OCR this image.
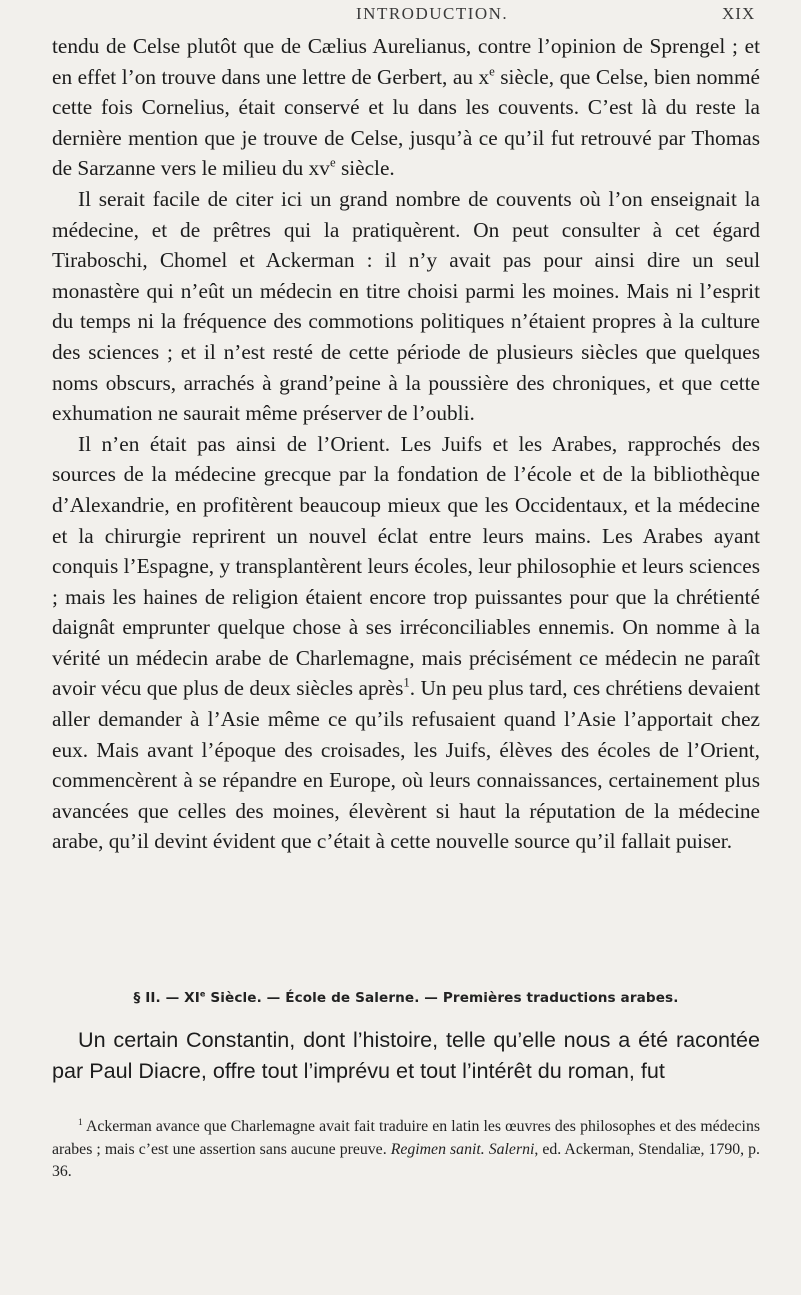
INTRODUCTION.	XIX

tendu de Celse plutôt que de Cælius Aurelianus, contre l’opinion de Sprengel ; et en effet l’on trouve dans une lettre de Gerbert, au $x^e$ siècle, que Celse, bien nommé cette fois Cornelius, était conservé et lu dans les couvents. C’est là du reste la dernière mention que je trouve de Celse, jusqu’à ce qu’il fut retrouvé par Thomas de Sarzanne vers le milieu du $xv^e$ siècle.

Il serait facile de citer ici un grand nombre de couvents où l’on enseignait la médecine, et de prêtres qui la pratiquèrent. On peut consulter à cet égard Tiraboschi, Chomel et Ackerman : il n’y avait pas pour ainsi dire un seul monastère qui n’eût un médecin en titre choisi parmi les moines. Mais ni l’esprit du temps ni la fréquence des commotions politiques n’étaient propres à la culture des sciences ; et il n’est resté de cette période de plusieurs siècles que quelques noms obscurs, arrachés à grand’peine à la poussière des chroniques, et que cette exhumation ne saurait même préserver de l’oubli.

Il n’en était pas ainsi de l’Orient. Les Juifs et les Arabes, rapprochés des sources de la médecine grecque par la fondation de l’école et de la bibliothèque d’Alexandrie, en profitèrent beaucoup mieux que les Occidentaux, et la médecine et la chirurgie reprirent un nouvel éclat entre leurs mains. Les Arabes ayant conquis l’Espagne, y transplantèrent leurs écoles, leur philosophie et leurs sciences ; mais les haines de religion étaient encore trop puissantes pour que la chrétienté daignât emprunter quelque chose à ses irréconciliables ennemis. On nomme à la vérité un médecin arabe de Charlemagne, mais précisément ce médecin ne paraît avoir vécu que plus de deux siècles après$^1$. Un peu plus tard, ces chrétiens devaient aller demander à l’Asie même ce qu’ils refusaient quand l’Asie l’apportait chez eux. Mais avant l’époque des croisades, les Juifs, élèves des écoles de l’Orient, commencèrent à se répandre en Europe, où leurs connaissances, certainement plus avancées que celles des moines, élevèrent si haut la réputation de la médecine arabe, qu’il devint évident que c’était à cette nouvelle source qu’il fallait puiser.

§ II. — XIe Siècle. — École de Salerne. — Premières traductions arabes.

Un certain Constantin, dont l’histoire, telle qu’elle nous a été racontée par Paul Diacre, offre tout l’imprévu et tout l’intérêt du roman, fut

$^1$ Ackerman avance que Charlemagne avait fait traduire en latin les œuvres des philosophes et des médecins arabes ; mais c’est une assertion sans aucune preuve. Regimen sanit. Salerni, ed. Ackerman, Stendaliæ, 1790, p. 36.
